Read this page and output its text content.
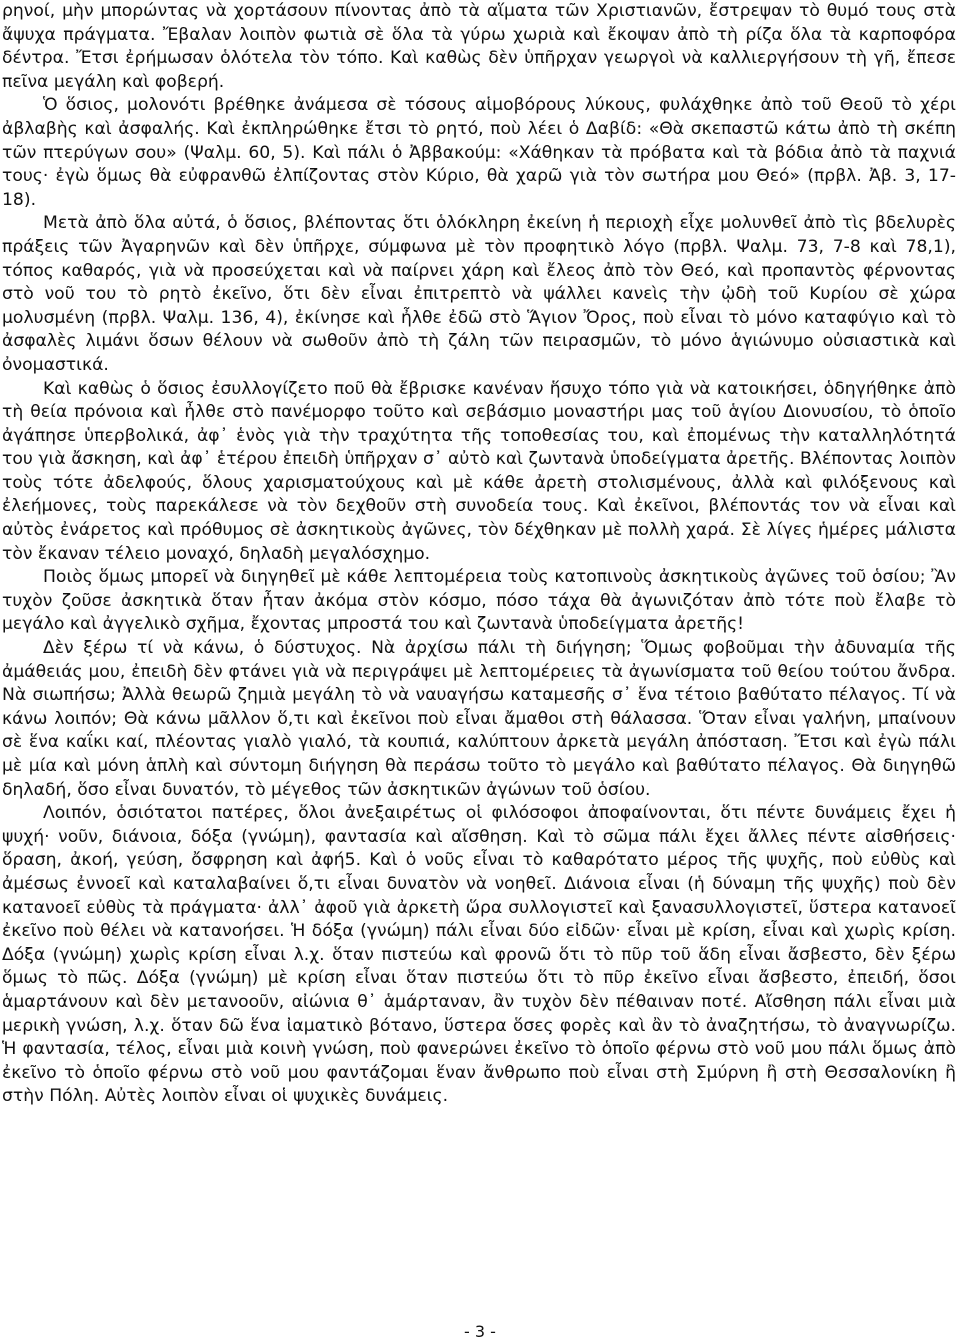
ρηνοί, μὴν μπορώντας νὰ χορτάσουν πίνοντας ἀπὸ τὰ αἵματα τῶν Χριστιανῶν, ἔστρεψαν τὸ θυμό τους στὰ ἄψυχα πράγματα. Ἔβαλαν λοιπὸν φωτιὰ σὲ ὅλα τὰ γύρω χωριὰ καὶ ἔκοψαν ἀπὸ τὴ ρίζα ὅλα τὰ καρποφόρα δέντρα. Ἔτσι ἐρήμωσαν ὁλότελα τὸν τόπο. Καὶ καθὼς δὲν ὑπῆρχαν γεωργοὶ νὰ καλλιεργήσουν τὴ γῆ, ἔπεσε πεῖνα μεγάλη καὶ φοβερή.

Ὁ ὅσιος, μολονότι βρέθηκε ἀνάμεσα σὲ τόσους αἱμοβόρους λύκους, φυλάχθηκε ἀπὸ τοῦ Θεοῦ τὸ χέρι ἀβλαβὴς καὶ ἀσφαλής. Καὶ ἐκπληρώθηκε ἔτσι τὸ ρητό, ποὺ λέει ὁ Δαβίδ: «Θὰ σκεπαστῶ κάτω ἀπὸ τὴ σκέπη τῶν πτερύγων σου» (Ψαλμ. 60, 5). Καὶ πάλι ὁ Ἀββακούμ: «Χάθηκαν τὰ πρόβατα καὶ τὰ βόδια ἀπὸ τὰ παχνιά τους· ἐγὼ ὅμως θὰ εὐφρανθῶ ἐλπίζοντας στὸν Κύριο, θὰ χαρῶ γιὰ τὸν σωτήρα μου Θεό» (πρβλ. Ἀβ. 3, 17-18).

Μετὰ ἀπὸ ὅλα αὐτά, ὁ ὅσιος, βλέποντας ὅτι ὁλόκληρη ἐκείνη ἡ περιοχὴ εἶχε μολυνθεῖ ἀπὸ τὶς βδελυρὲς πράξεις τῶν Ἀγαρηνῶν καὶ δὲν ὑπῆρχε, σύμφωνα μὲ τὸν προφητικὸ λόγο (πρβλ. Ψαλμ. 73, 7-8 καὶ 78,1), τόπος καθαρός, γιὰ νὰ προσεύχεται καὶ νὰ παίρνει χάρη καὶ ἔλεος ἀπὸ τὸν Θεό, καὶ προπαντὸς φέρνοντας στὸ νοῦ του τὸ ρητὸ ἐκεῖνο, ὅτι δὲν εἶναι ἐπιτρεπτὸ νὰ ψάλλει κανεὶς τὴν ᾠδὴ τοῦ Κυρίου σὲ χώρα μολυσμένη (πρβλ. Ψαλμ. 136, 4), ἐκίνησε καὶ ἦλθε ἐδῶ στὸ Ἅγιον Ὄρος, ποὺ εἶναι τὸ μόνο καταφύγιο καὶ τὸ ἀσφαλὲς λιμάνι ὅσων θέλουν νὰ σωθοῦν ἀπὸ τὴ ζάλη τῶν πειρασμῶν, τὸ μόνο ἁγιώνυμο οὐσιαστικὰ καὶ ὀνομαστικά.

Καὶ καθὼς ὁ ὅσιος ἐσυλλογίζετο ποῦ θὰ ἔβρισκε κανέναν ἥσυχο τόπο γιὰ νὰ κατοικήσει, ὁδηγήθηκε ἀπὸ τὴ θεία πρόνοια καὶ ἦλθε στὸ πανέμορφο τοῦτο καὶ σεβάσμιο μοναστήρι μας τοῦ ἁγίου Διονυσίου, τὸ ὁποῖο ἀγάπησε ὑπερβολικά, ἀφ᾽ ἑνὸς γιὰ τὴν τραχύτητα τῆς τοποθεσίας του, καὶ ἐπομένως τὴν καταλληλότητά του γιὰ ἄσκηση, καὶ ἀφ᾽ ἑτέρου ἐπειδὴ ὑπῆρχαν σ᾽ αὐτὸ καὶ ζωντανὰ ὑποδείγματα ἀρετῆς. Βλέποντας λοιπὸν τοὺς τότε ἀδελφούς, ὅλους χαρισματούχους καὶ μὲ κάθε ἀρετὴ στολισμένους, ἀλλὰ καὶ φιλόξενους καὶ ἐλεήμονες, τοὺς παρεκάλεσε νὰ τὸν δεχθοῦν στὴ συνοδεία τους. Καὶ ἐκεῖνοι, βλέποντάς τον νὰ εἶναι καὶ αὐτὸς ἐνάρετος καὶ πρόθυμος σὲ ἀσκητικοὺς ἀγῶνες, τὸν δέχθηκαν μὲ πολλὴ χαρά. Σὲ λίγες ἡμέρες μάλιστα τὸν ἔκαναν τέλειο μοναχό, δηλαδὴ μεγαλόσχημο.

Ποιὸς ὅμως μπορεῖ νὰ διηγηθεῖ μὲ κάθε λεπτομέρεια τοὺς κατοπινοὺς ἀσκητικοὺς ἀγῶνες τοῦ ὁσίου; Ἂν τυχὸν ζοῦσε ἀσκητικὰ ὅταν ἦταν ἀκόμα στὸν κόσμο, πόσο τάχα θὰ ἀγωνιζόταν ἀπὸ τότε ποὺ ἔλαβε τὸ μεγάλο καὶ ἀγγελικὸ σχῆμα, ἔχοντας μπροστά του καὶ ζωντανὰ ὑποδείγματα ἀρετῆς!

Δὲν ξέρω τί νὰ κάνω, ὁ δύστυχος. Νὰ ἀρχίσω πάλι τὴ διήγηση; Ὅμως φοβοῦμαι τὴν ἀδυναμία τῆς ἀμάθειάς μου, ἐπειδὴ δὲν φτάνει γιὰ νὰ περιγράψει μὲ λεπτομέρειες τὰ ἀγωνίσματα τοῦ θείου τούτου ἄνδρα. Νὰ σιωπήσω; Ἀλλὰ θεωρῶ ζημιὰ μεγάλη τὸ νὰ ναυαγήσω καταμεσῆς σ᾽ ἕνα τέτοιο βαθύτατο πέλαγος. Τί νὰ κάνω λοιπόν; Θὰ κάνω μᾶλλον ὅ,τι καὶ ἐκεῖνοι ποὺ εἶναι ἄμαθοι στὴ θάλασσα. Ὅταν εἶναι γαλήνη, μπαίνουν σὲ ἕνα καΐκι καί, πλέοντας γιαλὸ γιαλό, τὰ κουπιά, καλύπτουν ἀρκετὰ μεγάλη ἀπόσταση. Ἔτσι καὶ ἐγὼ πάλι μὲ μία καὶ μόνη ἁπλὴ καὶ σύντομη διήγηση θὰ περάσω τοῦτο τὸ μεγάλο καὶ βαθύτατο πέλαγος. Θὰ διηγηθῶ δηλαδή, ὅσο εἶναι δυνατόν, τὸ μέγεθος τῶν ἀσκητικῶν ἀγώνων τοῦ ὁσίου.

Λοιπόν, ὁσιότατοι πατέρες, ὅλοι ἀνεξαιρέτως οἱ φιλόσοφοι ἀποφαίνονται, ὅτι πέντε δυνάμεις ἔχει ἡ ψυχή· νοῦν, διάνοια, δόξα (γνώμη), φαντασία καὶ αἴσθηση. Καὶ τὸ σῶμα πάλι ἔχει ἄλλες πέντε αἰσθήσεις· ὅραση, ἀκοή, γεύση, ὄσφρηση καὶ ἀφή5. Καὶ ὁ νοῦς εἶναι τὸ καθαρότατο μέρος τῆς ψυχῆς, ποὺ εὐθὺς καὶ ἀμέσως ἐννοεῖ καὶ καταλαβαίνει ὅ,τι εἶναι δυνατὸν νὰ νοηθεῖ. Διάνοια εἶναι (ἡ δύναμη τῆς ψυχῆς) ποὺ δὲν κατανοεῖ εὐθὺς τὰ πράγματα· ἀλλ᾽ ἀφοῦ γιὰ ἀρκετὴ ὥρα συλλογιστεῖ καὶ ξανασυλλογιστεῖ, ὕστερα κατανοεῖ ἐκεῖνο ποὺ θέλει νὰ κατανοήσει. Ἡ δόξα (γνώμη) πάλι εἶναι δύο εἰδῶν· εἶναι μὲ κρίση, εἶναι καὶ χωρὶς κρίση. Δόξα (γνώμη) χωρὶς κρίση εἶναι λ.χ. ὅταν πιστεύω καὶ φρονῶ ὅτι τὸ πῦρ τοῦ ἅδη εἶναι ἄσβεστο, δὲν ξέρω ὅμως τὸ πῶς. Δόξα (γνώμη) μὲ κρίση εἶναι ὅταν πιστεύω ὅτι τὸ πῦρ ἐκεῖνο εἶναι ἄσβεστο, ἐπειδή, ὅσοι ἁμαρτάνουν καὶ δὲν μετανοοῦν, αἰώνια θ᾽ ἁμάρταναν, ἂν τυχὸν δὲν πέθαιναν ποτέ. Αἴσθηση πάλι εἶναι μιὰ μερικὴ γνώση, λ.χ. ὅταν δῶ ἕνα ἰαματικὸ βότανο, ὕστερα ὅσες φορὲς καὶ ἂν τὸ ἀναζητήσω, τὸ ἀναγνωρίζω. Ἡ φαντασία, τέλος, εἶναι μιὰ κοινὴ γνώση, ποὺ φανερώνει ἐκεῖνο τὸ ὁποῖο φέρνω στὸ νοῦ μου πάλι ὅμως ἀπὸ ἐκεῖνο τὸ ὁποῖο φέρνω στὸ νοῦ μου φαντάζομαι ἕναν ἄνθρωπο ποὺ εἶναι στὴ Σμύρνη ἢ στὴ Θεσσαλονίκη ἢ στὴν Πόλη. Αὐτὲς λοιπὸν εἶναι οἱ ψυχικὲς δυνάμεις.

- 3 -
